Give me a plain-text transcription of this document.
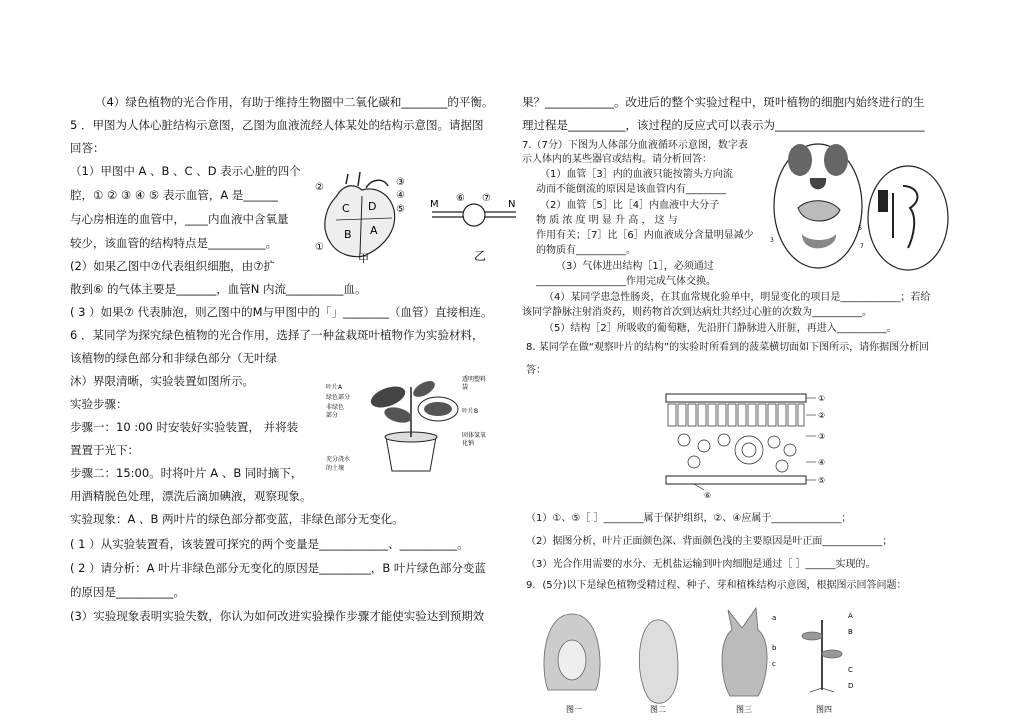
（4）绿色植物的光合作用，有助于维持生物圈中二氧化碳和________的平衡。
5 ．甲图为人体心脏结构示意图，乙图为血液流经人体某处的结构示意图。请据图
回答：
（1）甲图中 A 、B 、C 、D 表示心脏的四个
腔，① ② ③ ④ ⑤ 表示血管，A 是______
与心房相连的血管中，____内血液中含氧量
较少，该血管的结构特点是__________。
(2）如果乙图中⑦代表组织细胞，由⑦扩
散到⑥ 的气体主要是_______，血管N 内流__________血。
( 3 ）如果⑦ 代表肺泡，则乙图中的M与甲图中的「」________（血管）直接相连。
6 ．某同学为探究绿色植物的光合作用，选择了一种盆栽斑叶植物作为实验材料，
该植物的绿色部分和非绿色部分（无叶绿
沐）界限清晰，实验装置如图所示。
实验步骤：
步骤一：10 :00 时安装好实验装置， 并将装
置置于光下：
步骤二：15:00。时将叶片 A 、B 同时摘下，
用酒精脱色处理，漂洗后滴加碘液，观察现象。
实验现象：A 、B 两叶片的绿色部分都变蓝，非绿色部分无变化。
( 1 ）从实验装置看，该装置可探究的两个变量是____________、__________。
( 2 ）请分析：A 叶片非绿色部分无变化的原因是_________，B 叶片绿色部分变蓝
的原因是__________。
(3）实验现象表明实验失数，你认为如何改进实验操作步骤才能使实验达到预期效
②	③
④
⑤
①
C D
B A
甲
M	N
⑥ ⑦
乙
叶片A
绿色部分
非绿色
部分
充分浇水
的土壤
透明塑料
袋
叶片B
固体氢氧
化钠
果？____________。改进后的整个实验过程中，斑叶植物的细胞内始终进行的生
理过程是__________，该过程的反应式可以表示为__________________________
7.（7分）下图为人体部分血液循环示意图，数字表
示人体内的某些器官或结构。请分析回答：
（1）血管［3］内的血液只能按箭头方向流
动而不能倒流的原因是该血管内有________
（2）血管［5］比［4］内血液中大分子
物 质 浓 度 明 显 升 高 ， 这 与
作用有关；［7］比［6］内血液成分含量明显减少
的物质有__________。
（3）气体进出结构［1］，必须通过
__________________作用完成气体交换。
（4）某同学患急性肠炎，在其血常规化验单中，明显变化的项目是____________；若给
该同学静脉注射消炎药，则药物首次到达病灶共经过心脏的次数为__________。
（5）结构［2］所吸收的葡萄糖，先沿肝门静脉进入肝脏，再进入__________。
3
6
7
8. 某同学在做“观察叶片的结构”的实验时所看到的菠菜横切面如下图所示，请你据图分析回
答：
①
②
③
④
⑤
⑥
（1）①、⑤［ ］________属于保护组织，②、④应属于______________；
（2）据图分析，叶片正面颜色深、背面颜色浅的主要原因是叶正面____________；
（3）光合作用需要的水分、无机盐运输到叶肉细胞是通过［ ］______实现的。
9．(5分)以下是绿色植物受精过程、种子、芽和植株结构示意图，根据图示回答问题：
图一	图二	图三	图四
a
b
c
A
B
C
D
